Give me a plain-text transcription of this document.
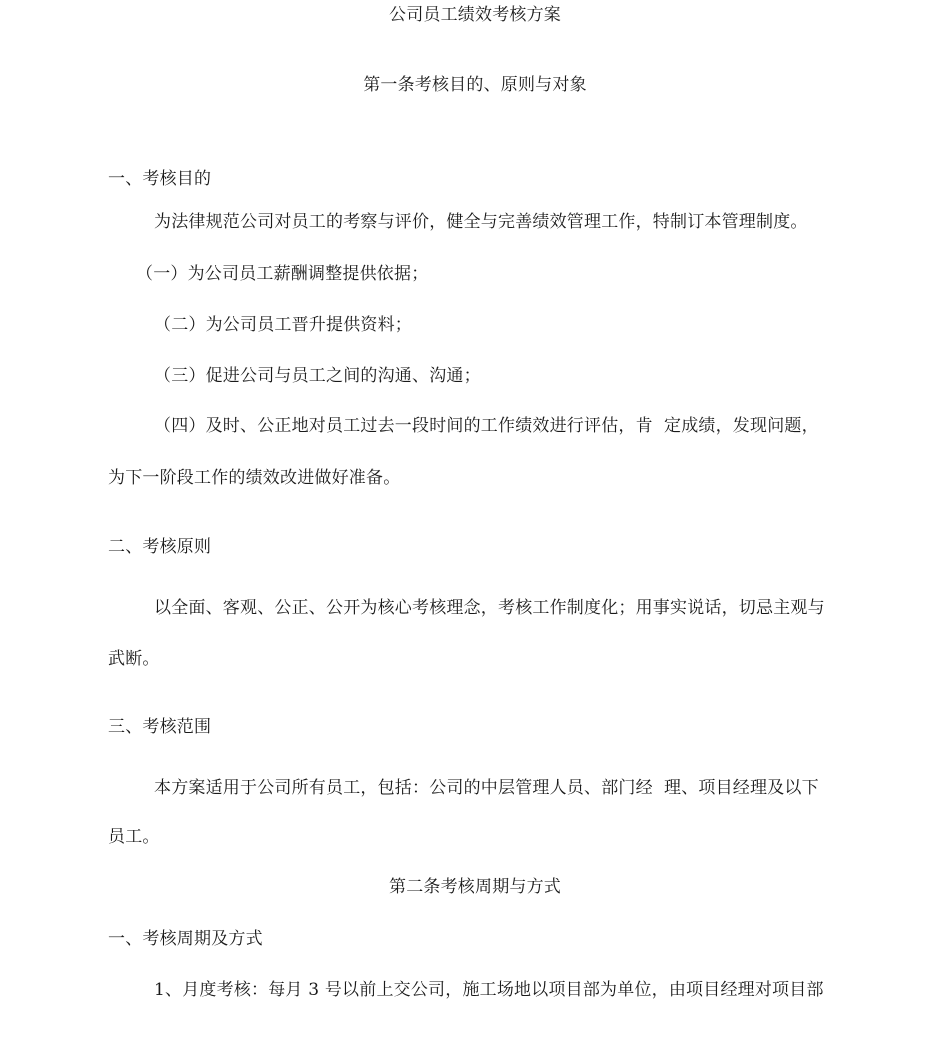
公司员工绩效考核方案
第一条考核目的、原则与对象
一、考核目的
为法律规范公司对员工的考察与评价，健全与完善绩效管理工作，特制订本管理制度。
（一）为公司员工薪酬调整提供依据；
（二）为公司员工晋升提供资料；
（三）促进公司与员工之间的沟通、沟通；
（四）及时、公正地对员工过去一段时间的工作绩效进行评估，肯  定成绩，发现问题，
为下一阶段工作的绩效改进做好准备。
二、考核原则
以全面、客观、公正、公开为核心考核理念，考核工作制度化；用事实说话，切忌主观与
武断。
三、考核范围
本方案适用于公司所有员工，包括：公司的中层管理人员、部门经  理、项目经理及以下
员工。
第二条考核周期与方式
一、考核周期及方式
1、月度考核：每月 3 号以前上交公司，施工场地以项目部为单位，由项目经理对项目部
